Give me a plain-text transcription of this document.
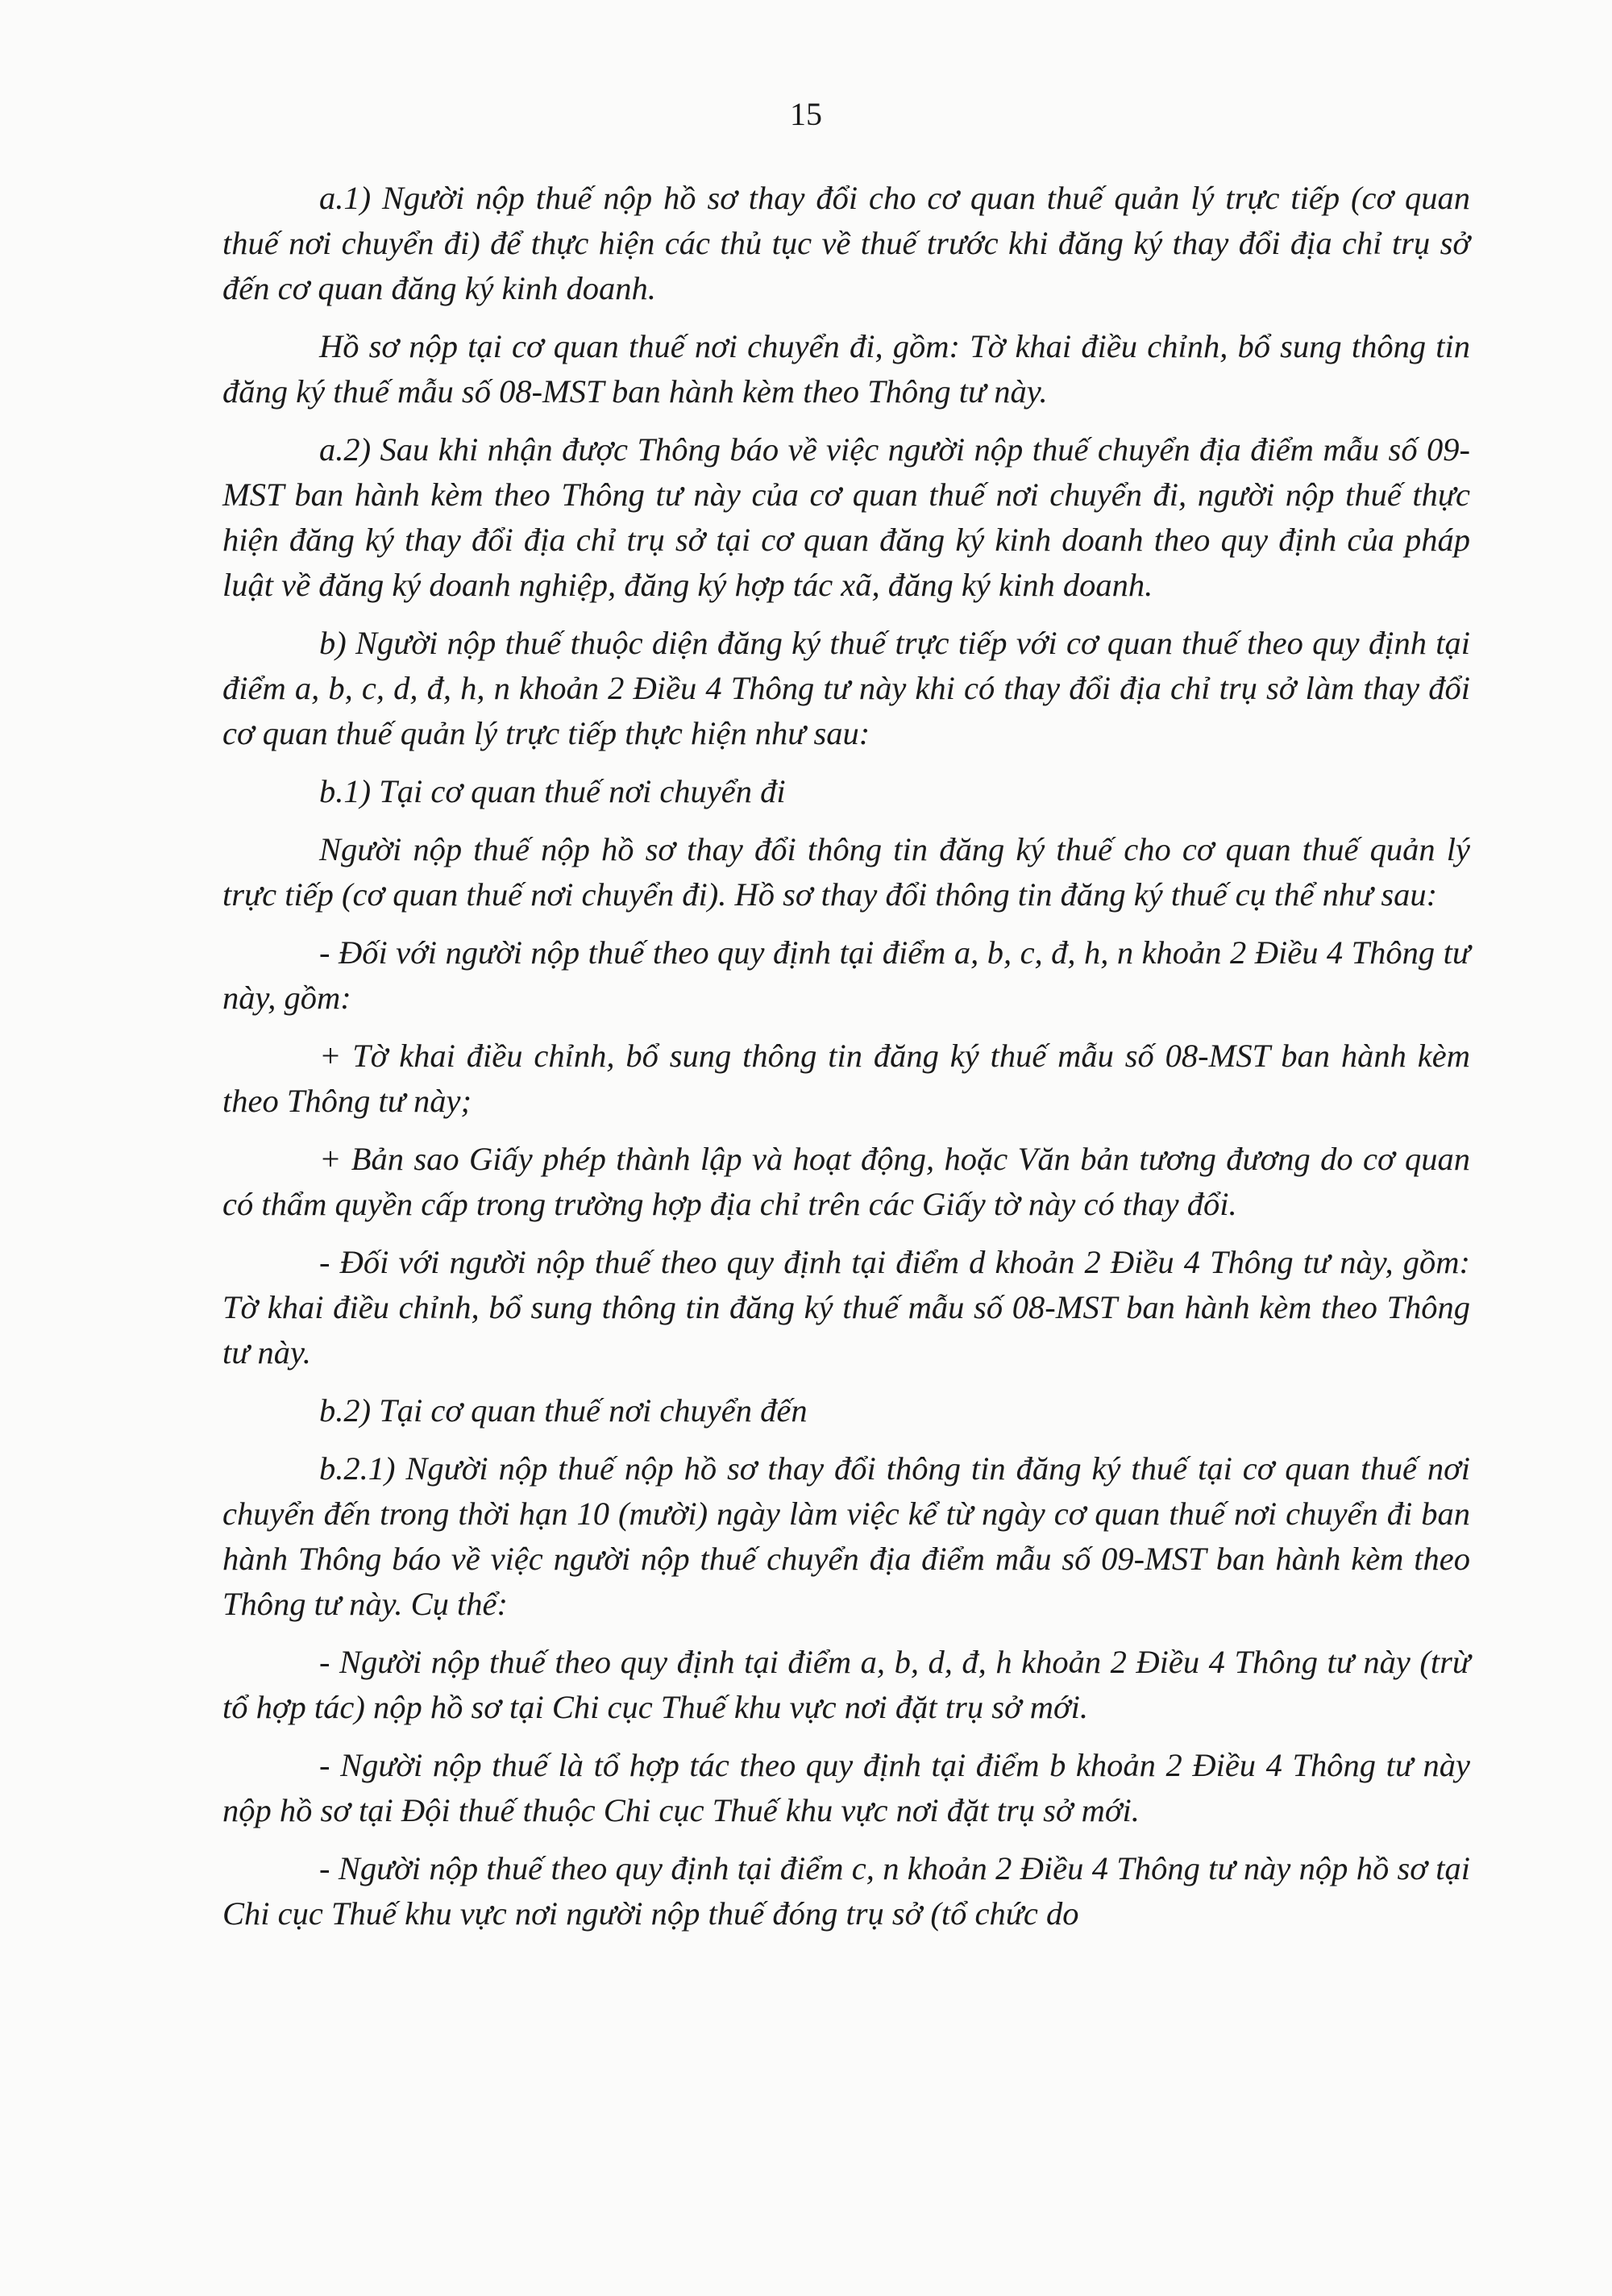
15

a.1) Người nộp thuế nộp hồ sơ thay đổi cho cơ quan thuế quản lý trực tiếp (cơ quan thuế nơi chuyển đi) để thực hiện các thủ tục về thuế trước khi đăng ký thay đổi địa chỉ trụ sở đến cơ quan đăng ký kinh doanh.

Hồ sơ nộp tại cơ quan thuế nơi chuyển đi, gồm: Tờ khai điều chỉnh, bổ sung thông tin đăng ký thuế mẫu số 08-MST ban hành kèm theo Thông tư này.

a.2) Sau khi nhận được Thông báo về việc người nộp thuế chuyển địa điểm mẫu số 09-MST ban hành kèm theo Thông tư này của cơ quan thuế nơi chuyển đi, người nộp thuế thực hiện đăng ký thay đổi địa chỉ trụ sở tại cơ quan đăng ký kinh doanh theo quy định của pháp luật về đăng ký doanh nghiệp, đăng ký hợp tác xã, đăng ký kinh doanh.

b) Người nộp thuế thuộc diện đăng ký thuế trực tiếp với cơ quan thuế theo quy định tại điểm a, b, c, d, đ, h, n khoản 2 Điều 4 Thông tư này khi có thay đổi địa chỉ trụ sở làm thay đổi cơ quan thuế quản lý trực tiếp thực hiện như sau:

b.1) Tại cơ quan thuế nơi chuyển đi

Người nộp thuế nộp hồ sơ thay đổi thông tin đăng ký thuế cho cơ quan thuế quản lý trực tiếp (cơ quan thuế nơi chuyển đi). Hồ sơ thay đổi thông tin đăng ký thuế cụ thể như sau:

- Đối với người nộp thuế theo quy định tại điểm a, b, c, đ, h, n khoản 2 Điều 4 Thông tư này, gồm:

+ Tờ khai điều chỉnh, bổ sung thông tin đăng ký thuế mẫu số 08-MST ban hành kèm theo Thông tư này;

+ Bản sao Giấy phép thành lập và hoạt động, hoặc Văn bản tương đương do cơ quan có thẩm quyền cấp trong trường hợp địa chỉ trên các Giấy tờ này có thay đổi.

- Đối với người nộp thuế theo quy định tại điểm d khoản 2 Điều 4 Thông tư này, gồm: Tờ khai điều chỉnh, bổ sung thông tin đăng ký thuế mẫu số 08-MST ban hành kèm theo Thông tư này.

b.2) Tại cơ quan thuế nơi chuyển đến

b.2.1) Người nộp thuế nộp hồ sơ thay đổi thông tin đăng ký thuế tại cơ quan thuế nơi chuyển đến trong thời hạn 10 (mười) ngày làm việc kể từ ngày cơ quan thuế nơi chuyển đi ban hành Thông báo về việc người nộp thuế chuyển địa điểm mẫu số 09-MST ban hành kèm theo Thông tư này. Cụ thể:

- Người nộp thuế theo quy định tại điểm a, b, d, đ, h khoản 2 Điều 4 Thông tư này (trừ tổ hợp tác) nộp hồ sơ tại Chi cục Thuế khu vực nơi đặt trụ sở mới.

- Người nộp thuế là tổ hợp tác theo quy định tại điểm b khoản 2 Điều 4 Thông tư này nộp hồ sơ tại Đội thuế thuộc Chi cục Thuế khu vực nơi đặt trụ sở mới.

- Người nộp thuế theo quy định tại điểm c, n khoản 2 Điều 4 Thông tư này nộp hồ sơ tại Chi cục Thuế khu vực nơi người nộp thuế đóng trụ sở (tổ chức do
